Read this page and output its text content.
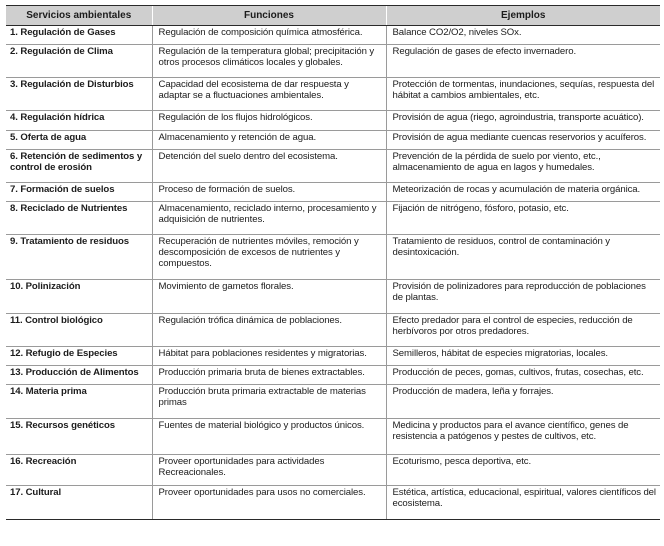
Servicios ambientales	Funciones	Ejemplos
1. Regulación de Gases	Regulación de composición química atmosférica.	Balance CO2/O2, niveles SOx.
2. Regulación de Clima	Regulación de la temperatura global; precipitación y otros procesos climáticos locales y globales.	Regulación de gases de efecto invernadero.
3. Regulación de Disturbios	Capacidad del ecosistema de dar respuesta y adaptar se a fluctuaciones ambientales.	Protección de tormentas, inundaciones, sequías, respuesta del hábitat a cambios ambientales, etc.
4. Regulación hídrica	Regulación de los flujos hidrológicos.	Provisión de agua (riego, agroindustria, transporte acuático).
5. Oferta de agua	Almacenamiento y retención de agua.	Provisión de agua mediante cuencas reservorios y acuíferos.
6. Retención de sedimentos y control de erosión	Detención del suelo dentro del ecosistema.	Prevención de la pérdida de suelo por viento, etc., almacenamiento de agua en lagos y humedales.
7. Formación de suelos	Proceso de formación de suelos.	Meteorización de rocas y acumulación de materia orgánica.
8. Reciclado de Nutrientes	Almacenamiento, reciclado interno, procesamiento y adquisición de nutrientes.	Fijación de nitrógeno, fósforo, potasio, etc.
9. Tratamiento de residuos	Recuperación de nutrientes móviles, remoción y descomposición de excesos de nutrientes y compuestos.	Tratamiento de residuos, control de contaminación y desintoxicación.
10. Polinización	Movimiento de gametos florales.	Provisión de polinizadores para reproducción de poblaciones de plantas.
11. Control biológico	Regulación trófica dinámica de poblaciones.	Efecto predador para el control de especies, reducción de herbívoros por otros predadores.
12. Refugio de Especies	Hábitat para poblaciones residentes y migratorias.	Semilleros, hábitat de especies migratorias, locales.
13. Producción de Alimentos	Producción primaria bruta de bienes extractables.	Producción de peces, gomas, cultivos, frutas, cosechas, etc.
14. Materia prima	Producción bruta primaria extractable de materias primas	Producción de madera, leña y forrajes.
15. Recursos genéticos	Fuentes de material biológico y productos únicos.	Medicina y productos para el avance científico, genes de resistencia a patógenos y pestes de cultivos, etc.
16. Recreación	Proveer oportunidades para actividades Recreacionales.	Ecoturismo, pesca deportiva, etc.
17. Cultural	Proveer oportunidades para usos no comerciales.	Estética, artística, educacional, espiritual, valores científicos del ecosistema.
